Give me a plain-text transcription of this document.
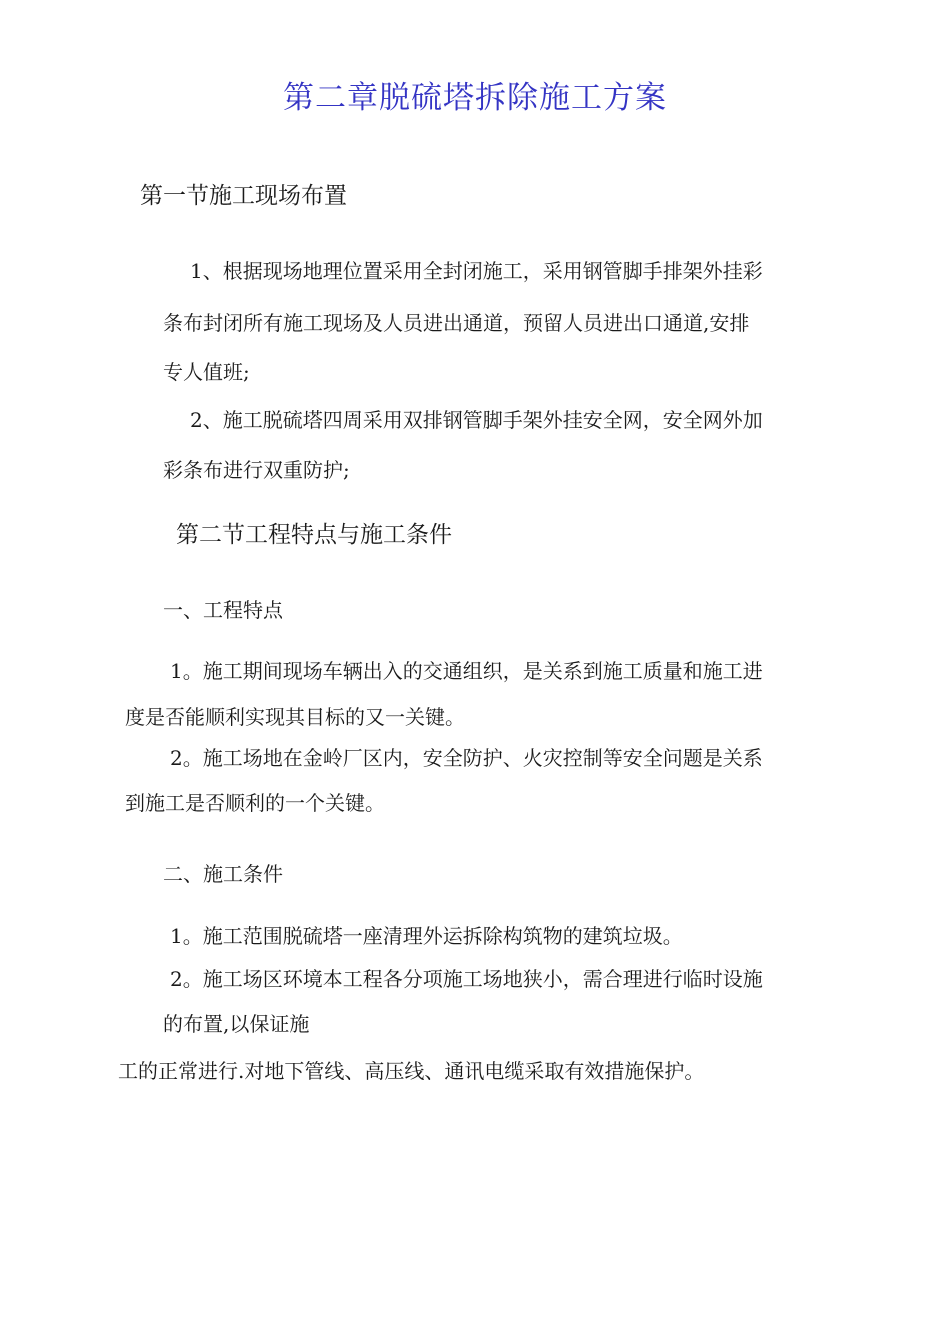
第二章脱硫塔拆除施工方案
第一节施工现场布置
1、根据现场地理位置采用全封闭施工，采用钢管脚手排架外挂彩
条布封闭所有施工现场及人员进出通道，预留人员进出口通道,安排
专人值班;
2、施工脱硫塔四周采用双排钢管脚手架外挂安全网，安全网外加
彩条布进行双重防护;
第二节工程特点与施工条件
一、工程特点
1。施工期间现场车辆出入的交通组织，是关系到施工质量和施工进
度是否能顺利实现其目标的又一关键。
2。施工场地在金岭厂区内，安全防护、火灾控制等安全问题是关系
到施工是否顺利的一个关键。
二、施工条件
1。施工范围脱硫塔一座清理外运拆除构筑物的建筑垃圾。
2。施工场区环境本工程各分项施工场地狭小，需合理进行临时设施
的布置,以保证施
工的正常进行.对地下管线、高压线、通讯电缆采取有效措施保护。
